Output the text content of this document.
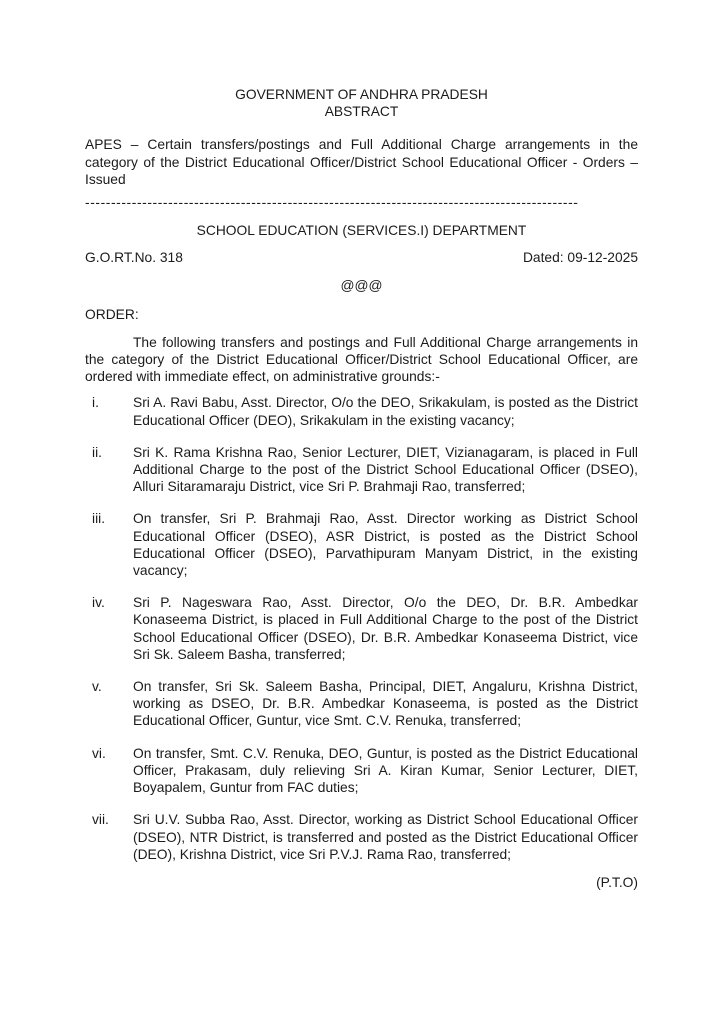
GOVERNMENT OF ANDHRA PRADESH
ABSTRACT
APES – Certain transfers/postings and Full Additional Charge arrangements in the category of the District Educational Officer/District School Educational Officer - Orders – Issued
-----------------------------------------------------------------------------------------------
SCHOOL EDUCATION (SERVICES.I) DEPARTMENT
G.O.RT.No. 318	Dated: 09-12-2025
@@@
ORDER:
The following transfers and postings and Full Additional Charge arrangements in the category of the District Educational Officer/District School Educational Officer, are ordered with immediate effect, on administrative grounds:-
i.	Sri A. Ravi Babu, Asst. Director, O/o the DEO, Srikakulam, is posted as the District Educational Officer (DEO), Srikakulam in the existing vacancy;
ii.	Sri K. Rama Krishna Rao, Senior Lecturer, DIET, Vizianagaram, is placed in Full Additional Charge to the post of the District School Educational Officer (DSEO), Alluri Sitaramaraju District, vice Sri P. Brahmaji Rao, transferred;
iii.	On transfer, Sri P. Brahmaji Rao, Asst. Director working as District School Educational Officer (DSEO), ASR District, is posted as the District School Educational Officer (DSEO), Parvathipuram Manyam District, in the existing vacancy;
iv.	Sri P. Nageswara Rao, Asst. Director, O/o the DEO, Dr. B.R. Ambedkar Konaseema District, is placed in Full Additional Charge to the post of the District School Educational Officer (DSEO), Dr. B.R. Ambedkar Konaseema District, vice Sri Sk. Saleem Basha, transferred;
v.	On transfer, Sri Sk. Saleem Basha, Principal, DIET, Angaluru, Krishna District, working as DSEO, Dr. B.R. Ambedkar Konaseema, is posted as the District Educational Officer, Guntur, vice Smt. C.V. Renuka, transferred;
vi.	On transfer, Smt. C.V. Renuka, DEO, Guntur, is posted as the District Educational Officer, Prakasam, duly relieving Sri A. Kiran Kumar, Senior Lecturer, DIET, Boyapalem, Guntur from FAC duties;
vii.	Sri U.V. Subba Rao, Asst. Director, working as District School Educational Officer (DSEO), NTR District, is transferred and posted as the District Educational Officer (DEO), Krishna District, vice Sri P.V.J. Rama Rao, transferred;
(P.T.O)
